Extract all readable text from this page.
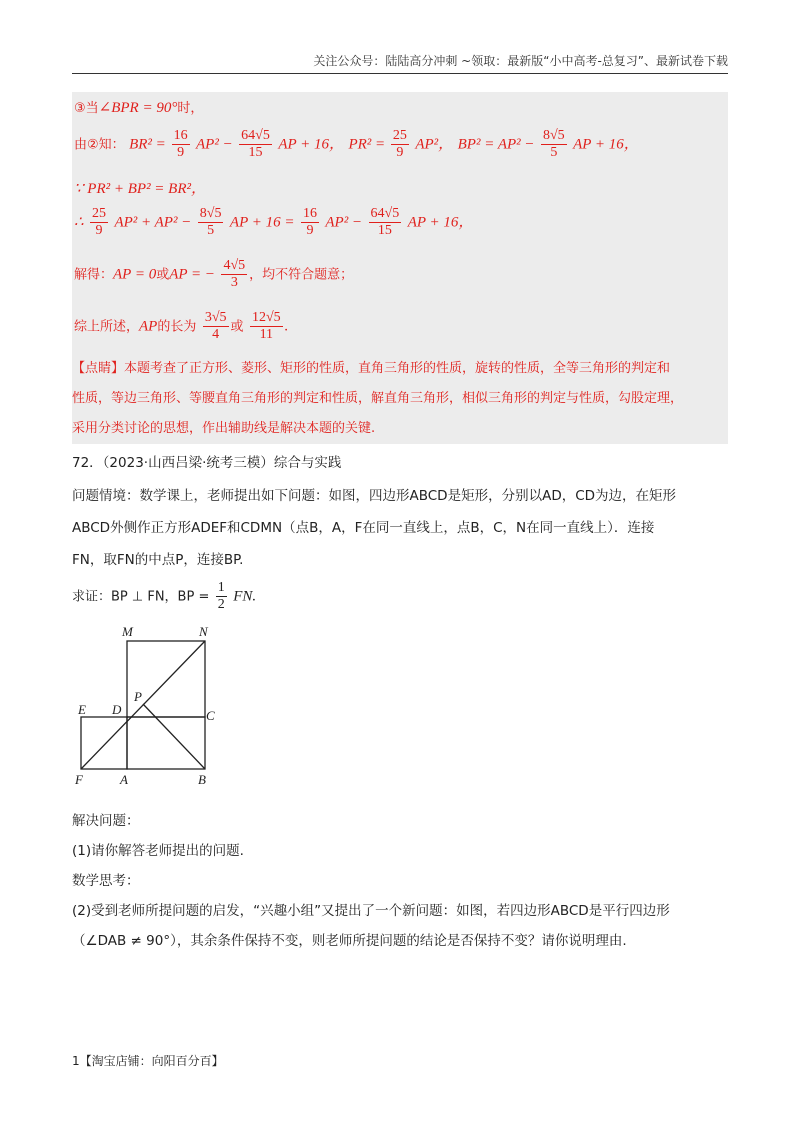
关注公众号：陆陆高分冲刺 ~领取：最新版“小中高考-总复习”、最新试卷下载
③当∠BPR = 90°时，
由②知： $BR^2 = \frac{16}{9} AP^2 - \frac{64√5}{15}$ AP + 16， $PR^2 = \frac{25}{9} AP^2$， $BP^2 = AP^2 - \frac{8√5}{5}$ AP + 16，
∵ PR² + BP² = BR²，
∴ $\frac{25}{9} AP^2 + AP^2 - \frac{8√5}{5}$ AP + $16 = \frac{16}{9} AP^2 - \frac{64√5}{15}$ AP + 16，
解得：AP = 0或AP = − $\frac{4√5}{3}$ ，均不符合题意；
综上所述，AP的长为 $\frac{3√5}{4}$ 或 $\frac{12√5}{11}$ .
【点睛】本题考查了正方形、菱形、矩形的性质，直角三角形的性质，旋转的性质，全等三角形的判定和
性质，等边三角形、等腰直角三角形的判定和性质，解直角三角形，相似三角形的判定与性质，勾股定理，
采用分类讨论的思想，作出辅助线是解决本题的关键.
72．（2023·山西吕梁·统考三模）综合与实践
问题情境：数学课上，老师提出如下问题：如图，四边形ABCD是矩形，分别以AD，CD为边，在矩形
ABCD外侧作正方形ADEF和CDMN（点B，A，F在同一直线上，点B，C，N在同一直线上）．连接
FN，取FN的中点P，连接BP.
求证：BP ⊥ FN，BP = $\frac{1}{2}$ FN.
M	N
P
E D	C
F	A	B
解决问题：
(1)请你解答老师提出的问题.
数学思考：
(2)受到老师所提问题的启发，“兴趣小组”又提出了一个新问题：如图，若四边形ABCD是平行四边形
（∠DAB ≠ 90°），其余条件保持不变，则老师所提问题的结论是否保持不变？请你说明理由.
1【淘宝店铺：向阳百分百】
